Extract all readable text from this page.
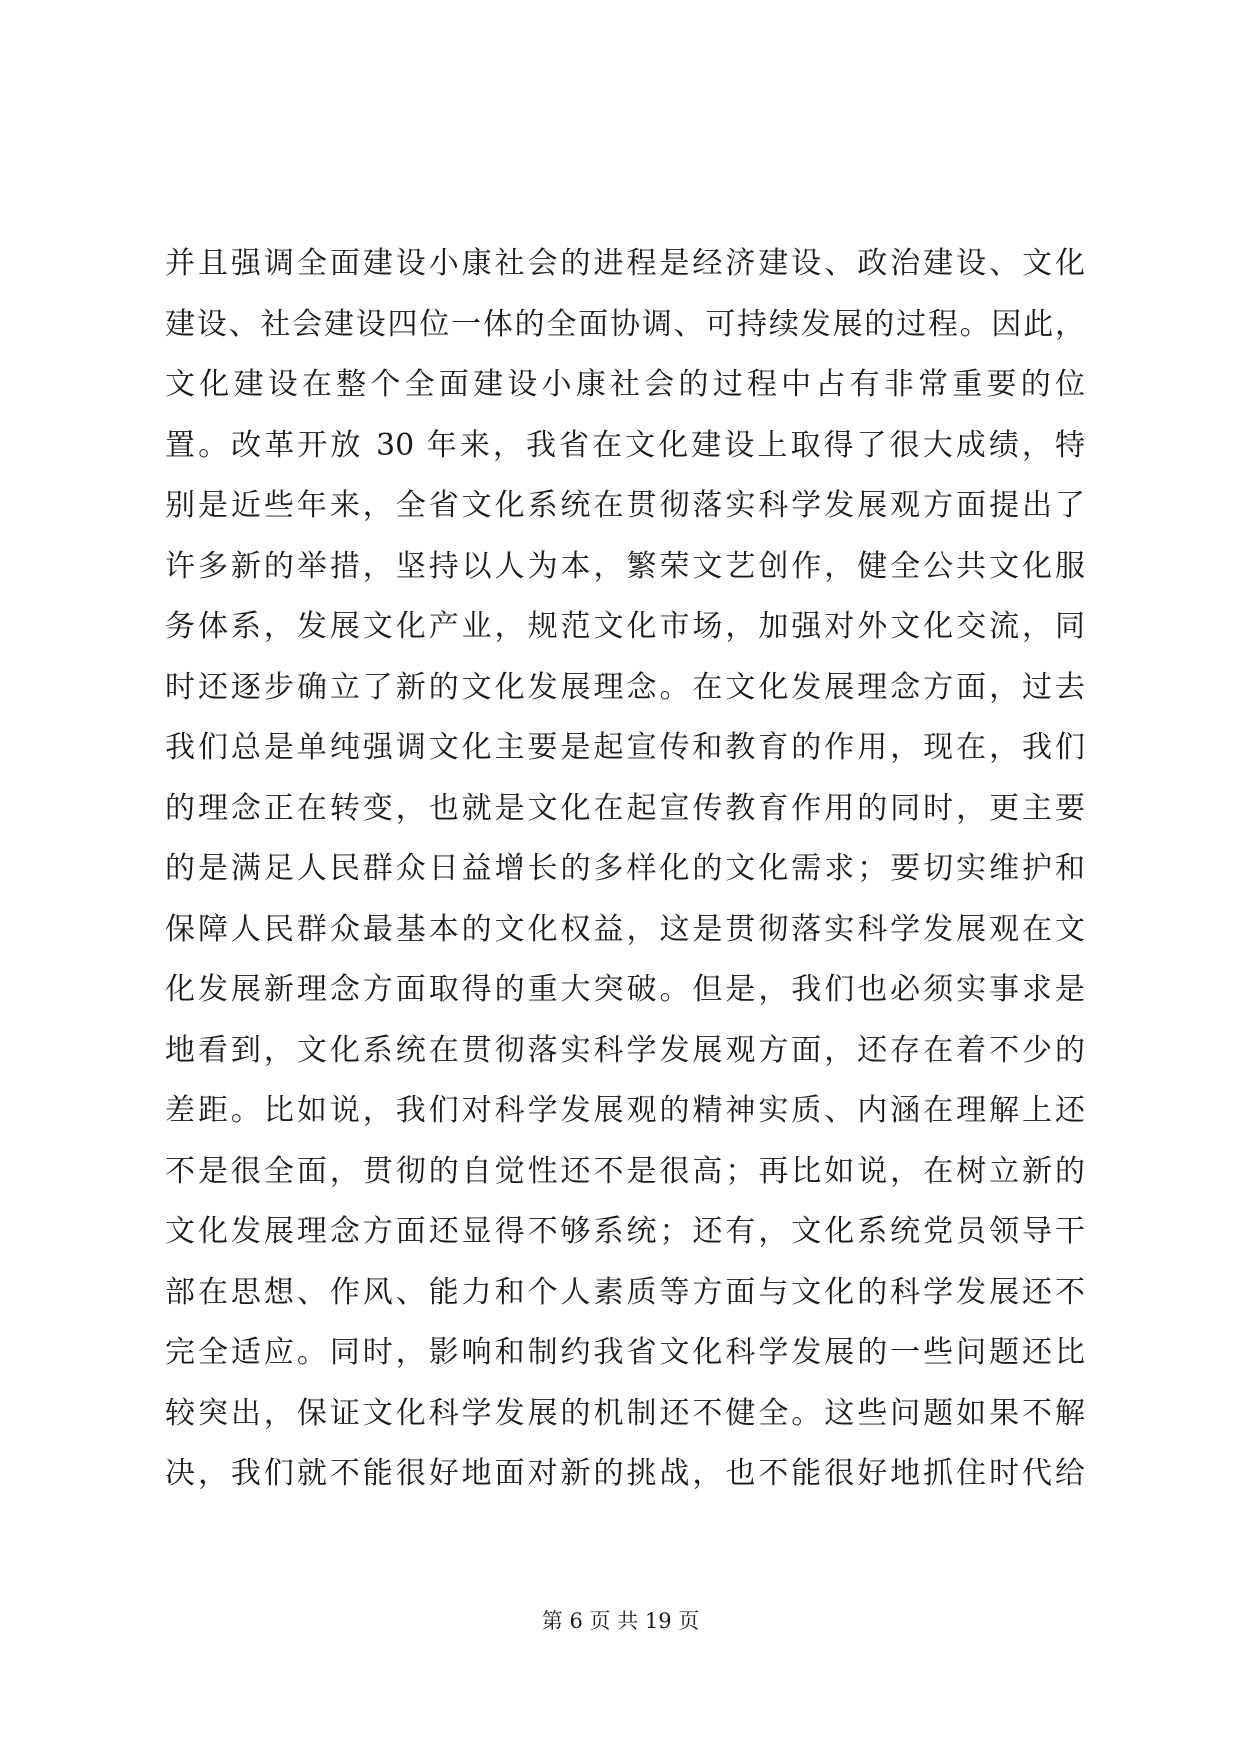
并且强调全面建设小康社会的进程是经济建设、政治建设、文化
建设、社会建设四位一体的全面协调、可持续发展的过程。因此，
文化建设在整个全面建设小康社会的过程中占有非常重要的位
置。改革开放 30 年来，我省在文化建设上取得了很大成绩，特
别是近些年来，全省文化系统在贯彻落实科学发展观方面提出了
许多新的举措，坚持以人为本，繁荣文艺创作，健全公共文化服
务体系，发展文化产业，规范文化市场，加强对外文化交流，同
时还逐步确立了新的文化发展理念。在文化发展理念方面，过去
我们总是单纯强调文化主要是起宣传和教育的作用，现在，我们
的理念正在转变，也就是文化在起宣传教育作用的同时，更主要
的是满足人民群众日益增长的多样化的文化需求；要切实维护和
保障人民群众最基本的文化权益，这是贯彻落实科学发展观在文
化发展新理念方面取得的重大突破。但是，我们也必须实事求是
地看到，文化系统在贯彻落实科学发展观方面，还存在着不少的
差距。比如说，我们对科学发展观的精神实质、内涵在理解上还
不是很全面，贯彻的自觉性还不是很高；再比如说，在树立新的
文化发展理念方面还显得不够系统；还有，文化系统党员领导干
部在思想、作风、能力和个人素质等方面与文化的科学发展还不
完全适应。同时，影响和制约我省文化科学发展的一些问题还比
较突出，保证文化科学发展的机制还不健全。这些问题如果不解
决，我们就不能很好地面对新的挑战，也不能很好地抓住时代给
第 6 页 共 19 页
